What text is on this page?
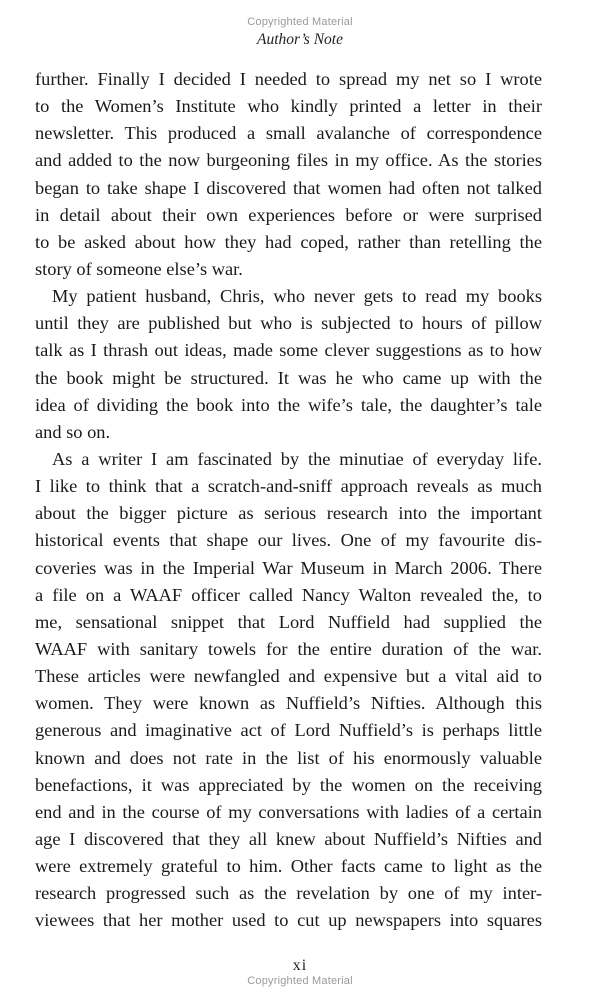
Copyrighted Material
Author’s Note
further. Finally I decided I needed to spread my net so I wrote
to the Women’s Institute who kindly printed a letter in their
newsletter. This produced a small avalanche of correspondence
and added to the now burgeoning files in my office. As the stories
began to take shape I discovered that women had often not talked
in detail about their own experiences before or were surprised
to be asked about how they had coped, rather than retelling the
story of someone else’s war.
My patient husband, Chris, who never gets to read my books
until they are published but who is subjected to hours of pillow
talk as I thrash out ideas, made some clever suggestions as to how
the book might be structured. It was he who came up with the
idea of dividing the book into the wife’s tale, the daughter’s tale
and so on.
As a writer I am fascinated by the minutiae of everyday life.
I like to think that a scratch-and-sniff approach reveals as much
about the bigger picture as serious research into the important
historical events that shape our lives. One of my favourite dis-
coveries was in the Imperial War Museum in March 2006. There
a file on a WAAF officer called Nancy Walton revealed the, to
me, sensational snippet that Lord Nuffield had supplied the
WAAF with sanitary towels for the entire duration of the war.
These articles were newfangled and expensive but a vital aid to
women. They were known as Nuffield’s Nifties. Although this
generous and imaginative act of Lord Nuffield’s is perhaps little
known and does not rate in the list of his enormously valuable
benefactions, it was appreciated by the women on the receiving
end and in the course of my conversations with ladies of a certain
age I discovered that they all knew about Nuffield’s Nifties and
were extremely grateful to him. Other facts came to light as the
research progressed such as the revelation by one of my inter-
viewees that her mother used to cut up newspapers into squares
xi
Copyrighted Material
